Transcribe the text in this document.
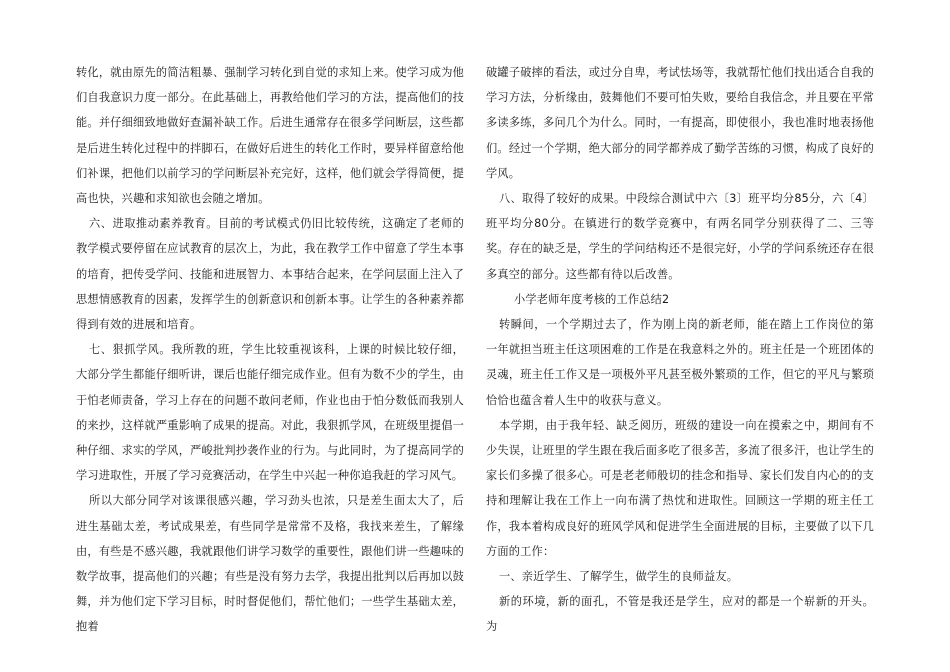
转化，就由原先的简洁粗暴、强制学习转化到自觉的求知上来。使学习成为他们自我意识力度一部分。在此基础上，再教给他们学习的方法，提高他们的技能。并仔细细致地做好查漏补缺工作。后进生通常存在很多学问断层，这些都是后进生转化过程中的拌脚石，在做好后进生的转化工作时，要异样留意给他们补课，把他们以前学习的学问断层补充完好，这样，他们就会学得简便，提高也快，兴趣和求知欲也会随之增加。

六、进取推动素养教育。目前的考试模式仍旧比较传统，这确定了老师的教学模式要停留在应试教育的层次上，为此，我在教学工作中留意了学生本事的培育，把传受学问、技能和进展智力、本事结合起来，在学问层面上注入了思想情感教育的因素，发挥学生的创新意识和创新本事。让学生的各种素养都得到有效的进展和培育。

七、狠抓学风。我所教的班，学生比较重视该科，上课的时候比较仔细，大部分学生都能仔细听讲，课后也能仔细完成作业。但有为数不少的学生，由于怕老师责备，学习上存在的问题不敢问老师，作业也由于怕分数低而我别人的来抄，这样就严重影响了成果的提高。对此，我狠抓学风，在班级里提倡一种仔细、求实的学风，严峻批判抄袭作业的行为。与此同时，为了提高同学的学习进取性，开展了学习竞赛活动，在学生中兴起一种你追我赶的学习风气。

所以大部分同学对该课很感兴趣，学习劲头也浓，只是差生面太大了，后进生基础太差，考试成果差，有些同学是常常不及格，我找来差生，了解缘由，有些是不感兴趣，我就跟他们讲学习数学的重要性，跟他们讲一些趣味的数学故事，提高他们的兴趣；有些是没有努力去学，我提出批判以后再加以鼓舞，并为他们定下学习目标，时时督促他们，帮忙他们；一些学生基础太差，抱着

破罐子破摔的看法，或过分自卑，考试怯场等，我就帮忙他们找出适合自我的学习方法，分析缘由，鼓舞他们不要可怕失败，要给自我信念，并且要在平常多读多练，多问几个为什么。同时，一有提高，即使很小，我也准时地表扬他们。经过一个学期，绝大部分的同学都养成了勤学苦练的习惯，构成了良好的学风。

八、取得了较好的成果。中段综合测试中六〔3〕班平均分85分，六〔4〕班平均分80分。在镇进行的数学竞赛中，有两名同学分别获得了二、三等奖。存在的缺乏是，学生的学问结构还不是很完好，小学的学问系统还存在很多真空的部分。这些都有待以后改善。

小学老师年度考核的工作总结2

转瞬间，一个学期过去了，作为刚上岗的新老师，能在踏上工作岗位的第一年就担当班主任这项困难的工作是在我意料之外的。班主任是一个班团体的灵魂，班主任工作又是一项极外平凡甚至极外繁琐的工作，但它的平凡与繁琐恰恰也蕴含着人生中的收获与意义。

本学期，由于我年轻、缺乏阅历，班级的建设一向在摸索之中，期间有不少失误，让班里的学生跟在我后面多吃了很多苦，多流了很多汗，也让学生的家长们多操了很多心。可是老老师般切的挂念和指导、家长们发自内心的的支持和理解让我在工作上一向布满了热忱和进取性。回顾这一学期的班主任工作，我本着构成良好的班风学风和促进学生全面进展的目标，主要做了以下几方面的工作：

一、亲近学生、了解学生，做学生的良师益友。

新的环境，新的面孔，不管是我还是学生，应对的都是一个崭新的开头。为
